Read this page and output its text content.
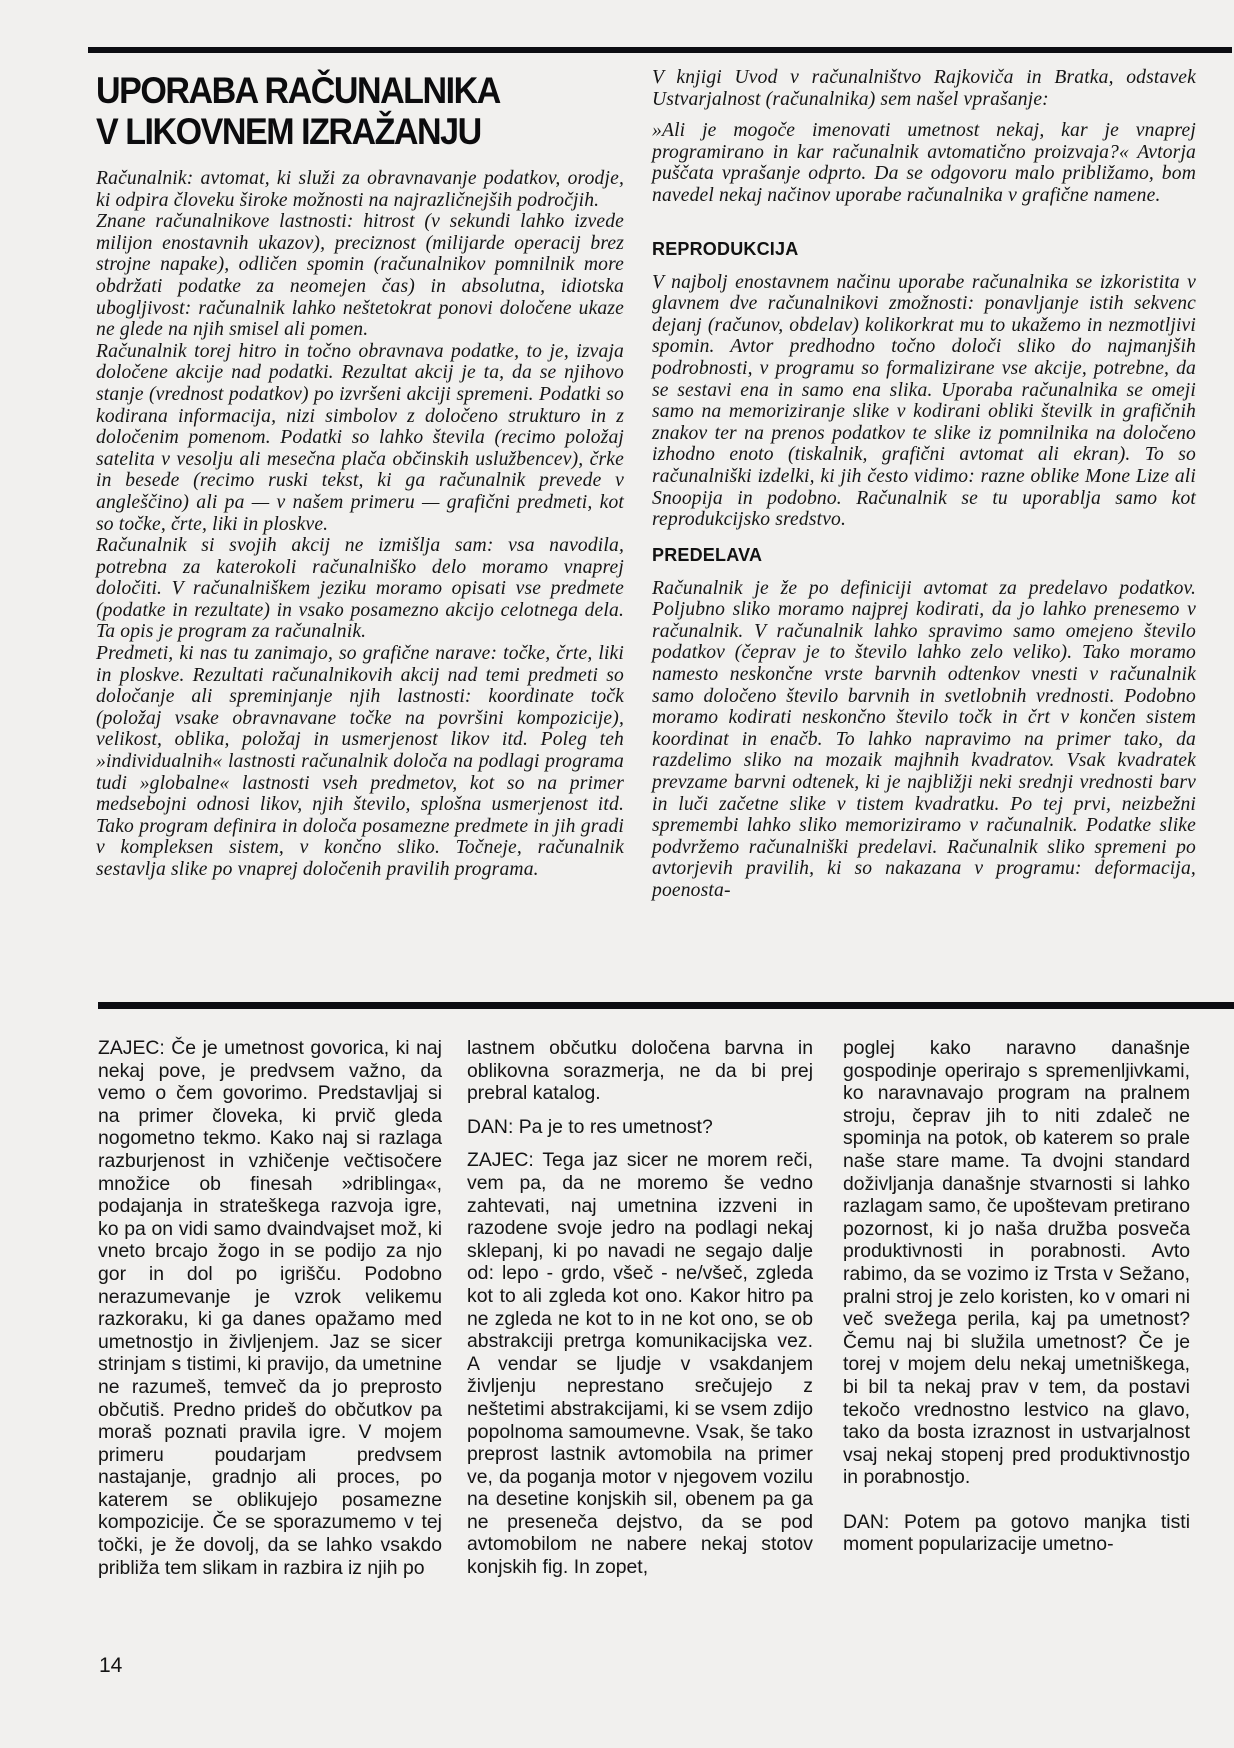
UPORABA RAČUNALNIKA
V LIKOVNEM IZRAŽANJU

Računalnik: avtomat, ki služi za obravnavanje podatkov, orodje, ki odpira človeku široke možnosti na najrazličnejših področjih.

Znane računalnikove lastnosti: hitrost (v sekundi lahko izvede milijon enostavnih ukazov), preciznost (milijarde operacij brez strojne napake), odličen spomin (računalnikov pomnilnik more obdržati podatke za neomejen čas) in absolutna, idiotska ubogljivost: računalnik lahko neštetokrat ponovi določene ukaze ne glede na njih smisel ali pomen.

Računalnik torej hitro in točno obravnava podatke, to je, izvaja določene akcije nad podatki. Rezultat akcij je ta, da se njihovo stanje (vrednost podatkov) po izvršeni akciji spremeni. Podatki so kodirana informacija, nizi simbolov z določeno strukturo in z določenim pomenom. Podatki so lahko števila (recimo položaj satelita v vesolju ali mesečna plača občinskih uslužbencev), črke in besede (recimo ruski tekst, ki ga računalnik prevede v angleščino) ali pa — v našem primeru — grafični predmeti, kot so točke, črte, liki in ploskve.

Računalnik si svojih akcij ne izmišlja sam: vsa navodila, potrebna za katerokoli računalniško delo moramo vnaprej določiti. V računalniškem jeziku moramo opisati vse predmete (podatke in rezultate) in vsako posamezno akcijo celotnega dela. Ta opis je program za računalnik.

Predmeti, ki nas tu zanimajo, so grafične narave: točke, črte, liki in ploskve. Rezultati računalnikovih akcij nad temi predmeti so določanje ali spreminjanje njih lastnosti: koordinate točk (položaj vsake obravnavane točke na površini kompozicije), velikost, oblika, položaj in usmerjenost likov itd. Poleg teh »individualnih« lastnosti računalnik določa na podlagi programa tudi »globalne« lastnosti vseh predmetov, kot so na primer medsebojni odnosi likov, njih število, splošna usmerjenost itd. Tako program definira in določa posamezne predmete in jih gradi v kompleksen sistem, v končno sliko. Točneje, računalnik sestavlja slike po vnaprej določenih pravilih programa.

V knjigi Uvod v računalništvo Rajkoviča in Bratka, odstavek Ustvarjalnost (računalnika) sem našel vprašanje:

»Ali je mogoče imenovati umetnost nekaj, kar je vnaprej programirano in kar računalnik avtomatično proizvaja?« Avtorja puščata vprašanje odprto. Da se odgovoru malo približamo, bom navedel nekaj načinov uporabe računalnika v grafične namene.

REPRODUKCIJA

V najbolj enostavnem načinu uporabe računalnika se izkoristita v glavnem dve računalnikovi zmožnosti: ponavljanje istih sekvenc dejanj (računov, obdelav) kolikorkrat mu to ukažemo in nezmotljivi spomin. Avtor predhodno točno določi sliko do najmanjših podrobnosti, v programu so formalizirane vse akcije, potrebne, da se sestavi ena in samo ena slika. Uporaba računalnika se omeji samo na memoriziranje slike v kodirani obliki številk in grafičnih znakov ter na prenos podatkov te slike iz pomnilnika na določeno izhodno enoto (tiskalnik, grafični avtomat ali ekran). To so računalniški izdelki, ki jih često vidimo: razne oblike Mone Lize ali Snoopija in podobno. Računalnik se tu uporablja samo kot reprodukcijsko sredstvo.

PREDELAVA

Računalnik je že po definiciji avtomat za predelavo podatkov. Poljubno sliko moramo najprej kodirati, da jo lahko prenesemo v računalnik. V računalnik lahko spravimo samo omejeno število podatkov (čeprav je to število lahko zelo veliko). Tako moramo namesto neskončne vrste barvnih odtenkov vnesti v računalnik samo določeno število barvnih in svetlobnih vrednosti. Podobno moramo kodirati neskončno število točk in črt v končen sistem koordinat in enačb. To lahko napravimo na primer tako, da razdelimo sliko na mozaik majhnih kvadratov. Vsak kvadratek prevzame barvni odtenek, ki je najbližji neki srednji vrednosti barv in luči začetne slike v tistem kvadratku. Po tej prvi, neizbežni spremembi lahko sliko memoriziramo v računalnik. Podatke slike podvržemo računalniški predelavi. Računalnik sliko spremeni po avtorjevih pravilih, ki so nakazana v programu: deformacija, poenosta-

ZAJEC: Če je umetnost govorica, ki naj nekaj pove, je predvsem važno, da vemo o čem govorimo. Predstavljaj si na primer človeka, ki prvič gleda nogometno tekmo. Kako naj si razlaga razburjenost in vzhičenje večtisočere množice ob finesah »driblinga«, podajanja in strateškega razvoja igre, ko pa on vidi samo dvaindvajset mož, ki vneto brcajo žogo in se podijo za njo gor in dol po igrišču. Podobno nerazumevanje je vzrok velikemu razkoraku, ki ga danes opažamo med umetnostjo in življenjem. Jaz se sicer strinjam s tistimi, ki pravijo, da umetnine ne razumeš, temveč da jo preprosto občutiš. Predno prideš do občutkov pa moraš poznati pravila igre. V mojem primeru poudarjam predvsem nastajanje, gradnjo ali proces, po katerem se oblikujejo posamezne kompozicije. Če se sporazumemo v tej točki, je že dovolj, da se lahko vsakdo približa tem slikam in razbira iz njih po

lastnem občutku določena barvna in oblikovna sorazmerja, ne da bi prej prebral katalog.

DAN: Pa je to res umetnost?

ZAJEC: Tega jaz sicer ne morem reči, vem pa, da ne moremo še vedno zahtevati, naj umetnina izzveni in razodene svoje jedro na podlagi nekaj sklepanj, ki po navadi ne segajo dalje od: lepo - grdo, všeč - ne/všeč, zgleda kot to ali zgleda kot ono. Kakor hitro pa ne zgleda ne kot to in ne kot ono, se ob abstrakciji pretrga komunikacijska vez. A vendar se ljudje v vsakdanjem življenju neprestano srečujejo z neštetimi abstrakcijami, ki se vsem zdijo popolnoma samoumevne. Vsak, še tako preprost lastnik avtomobila na primer ve, da poganja motor v njegovem vozilu na desetine konjskih sil, obenem pa ga ne preseneča dejstvo, da se pod avtomobilom ne nabere nekaj stotov konjskih fig. In zopet,

poglej kako naravno današnje gospodinje operirajo s spremenljivkami, ko naravnavajo program na pralnem stroju, čeprav jih to niti zdaleč ne spominja na potok, ob katerem so prale naše stare mame. Ta dvojni standard doživljanja današnje stvarnosti si lahko razlagam samo, če upoštevam pretirano pozornost, ki jo naša družba posveča produktivnosti in porabnosti. Avto rabimo, da se vozimo iz Trsta v Sežano, pralni stroj je zelo koristen, ko v omari ni več svežega perila, kaj pa umetnost? Čemu naj bi služila umetnost? Če je torej v mojem delu nekaj umetniškega, bi bil ta nekaj prav v tem, da postavi tekočo vrednostno lestvico na glavo, tako da bosta izraznost in ustvarjalnost vsaj nekaj stopenj pred produktivnostjo in porabnostjo.

DAN: Potem pa gotovo manjka tisti moment popularizacije umetno-

14
